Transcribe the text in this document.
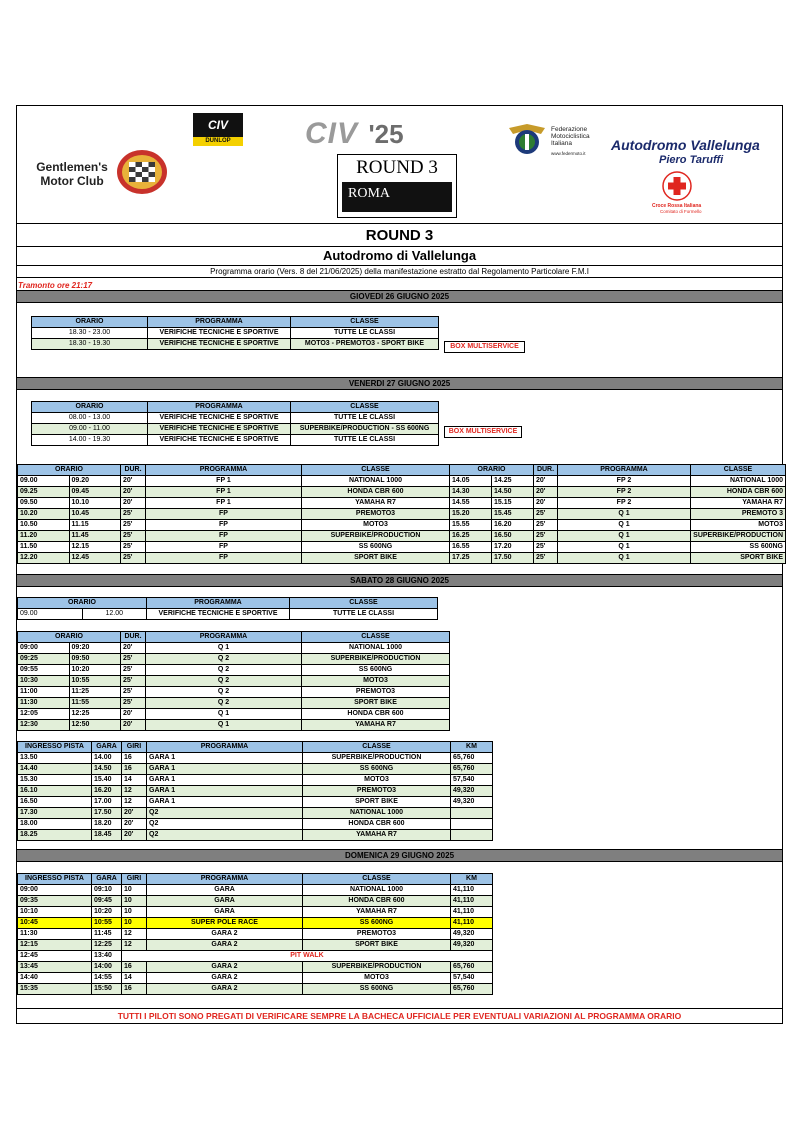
Gentlemen's
Motor Club
CIV
DUNLOP	CIV '25
ROUND 3
ROMA
Federazione
Motociclistica
Italiana
www.federmoto.it
Autodromo Vallelunga
Piero Taruffi
Croce Rossa Italiana
Comitato di Formello
ROUND 3
Autodromo di Vallelunga
Programma orario (Vers. 8 del 21/06/2025) della manifestazione estratto dal Regolamento Particolare F.M.I
Tramonto ore 21:17
GIOVEDI 26 GIUGNO 2025
ORARIO	PROGRAMMA	CLASSE
18.30 - 23.00	VERIFICHE TECNICHE E SPORTIVE	TUTTE LE CLASSI
18.30 - 19.30	VERIFICHE TECNICHE E SPORTIVE	MOTO3 - PREMOTO3 - SPORT BIKE	BOX MULTISERVICE
VENERDI 27 GIUGNO 2025
ORARIO	PROGRAMMA	CLASSE
08.00 - 13.00	VERIFICHE TECNICHE E SPORTIVE	TUTTE LE CLASSI
09.00 - 11.00	VERIFICHE TECNICHE E SPORTIVE	SUPERBIKE/PRODUCTION - SS 600NG
14.00 - 19.30	VERIFICHE TECNICHE E SPORTIVE	TUTTE LE CLASSI
BOX MULTISERVICE
ORARIO		DUR.	PROGRAMMA	CLASSE	ORARIO		DUR.	PROGRAMMA	CLASSE
09.00	09.20	20'	FP 1	NATIONAL 1000	14.05	14.25	20'	FP 2	NATIONAL 1000
09.25	09.45	20'	FP 1	HONDA CBR 600	14.30	14.50	20'	FP 2	HONDA CBR 600
09.50	10.10	20'	FP 1	YAMAHA R7	14.55	15.15	20'	FP 2	YAMAHA R7
10.20	10.45	25'	FP	PREMOTO3	15.20	15.45	25'	Q 1	PREMOTO 3
10.50	11.15	25'	FP	MOTO3	15.55	16.20	25'	Q 1	MOTO3
11.20	11.45	25'	FP	SUPERBIKE/PRODUCTION	16.25	16.50	25'	Q 1	SUPERBIKE/PRODUCTION
11.50	12.15	25'	FP	SS 600NG	16.55	17.20	25'	Q 1	SS 600NG
12.20	12.45	25'	FP	SPORT BIKE	17.25	17.50	25'	Q 1	SPORT BIKE
SABATO 28 GIUGNO 2025
ORARIO		PROGRAMMA	CLASSE
09.00	12.00	VERIFICHE TECNICHE E SPORTIVE	TUTTE LE CLASSI
ORARIO		DUR.	PROGRAMMA	CLASSE
09:00	09:20	20'	Q 1	NATIONAL 1000
09:25	09:50	25'	Q 2	SUPERBIKE/PRODUCTION
09:55	10:20	25'	Q 2	SS 600NG
10:30	10:55	25'	Q 2	MOTO3
11:00	11:25	25'	Q 2	PREMOTO3
11:30	11:55	25'	Q 2	SPORT BIKE
12:05	12:25	20'	Q 1	HONDA CBR 600
12:30	12:50	20'	Q 1	YAMAHA R7
INGRESSO PISTA	GARA	GIRI	PROGRAMMA	CLASSE	KM
13.50	14.00	16	GARA 1	SUPERBIKE/PRODUCTION	65,760
14.40	14.50	16	GARA 1	SS 600NG	65,760
15.30	15.40	14	GARA 1	MOTO3	57,540
16.10	16.20	12	GARA 1	PREMOTO3	49,320
16.50	17.00	12	GARA 1	SPORT BIKE	49,320
17.30	17.50	20'	Q2	NATIONAL 1000	
18.00	18.20	20'	Q2	HONDA CBR 600	
18.25	18.45	20'	Q2	YAMAHA R7	
DOMENICA 29 GIUGNO 2025
INGRESSO PISTA	GARA	GIRI	PROGRAMMA	CLASSE	KM
09:00	09:10	10	GARA	NATIONAL 1000	41,110
09:35	09:45	10	GARA	HONDA CBR 600	41,110
10:10	10:20	10	GARA	YAMAHA R7	41,110
10:45	10:55	10	SUPER POLE RACE	SS 600NG	41,110
11:30	11:45	12	GARA 2	PREMOTO3	49,320
12:15	12:25	12	GARA 2	SPORT BIKE	49,320
12:45	13:40	PIT WALK			
13:45	14:00	16	GARA 2	SUPERBIKE/PRODUCTION	65,760
14:40	14:55	14	GARA 2	MOTO3	57,540
15:35	15:50	16	GARA 2	SS 600NG	65,760
TUTTI I PILOTI SONO PREGATI DI VERIFICARE SEMPRE LA BACHECA UFFICIALE PER EVENTUALI VARIAZIONI AL PROGRAMMA ORARIO
